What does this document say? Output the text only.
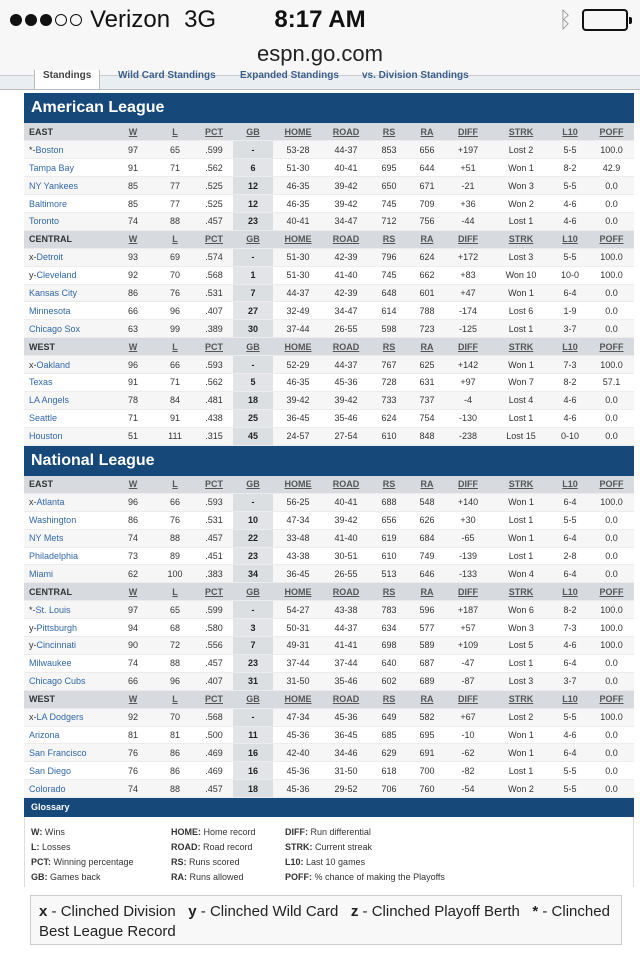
Verizon 3G	8:17 AM	ᛒ
espn.go.com
Standings	Wild Card Standings Expanded Standings vs. Division Standings
American League
EAST	W	L	PCT	GB	HOME	ROAD	RS	RA	DIFF	STRK	L10	POFF
*-Boston	97	65	.599	-	53-28	44-37	853	656	+197	Lost 2	5-5	100.0
Tampa Bay	91	71	.562	6	51-30	40-41	695	644	+51	Won 1	8-2	42.9
NY Yankees	85	77	.525	12	46-35	39-42	650	671	-21	Won 3	5-5	0.0
Baltimore	85	77	.525	12	46-35	39-42	745	709	+36	Won 2	4-6	0.0
Toronto	74	88	.457	23	40-41	34-47	712	756	-44	Lost 1	4-6	0.0
CENTRAL	W	L	PCT	GB	HOME	ROAD	RS	RA	DIFF	STRK	L10	POFF
x-Detroit	93	69	.574	-	51-30	42-39	796	624	+172	Lost 3	5-5	100.0
y-Cleveland	92	70	.568	1	51-30	41-40	745	662	+83	Won 10	10-0	100.0
Kansas City	86	76	.531	7	44-37	42-39	648	601	+47	Won 1	6-4	0.0
Minnesota	66	96	.407	27	32-49	34-47	614	788	-174	Lost 6	1-9	0.0
Chicago Sox	63	99	.389	30	37-44	26-55	598	723	-125	Lost 1	3-7	0.0
WEST	W	L	PCT	GB	HOME	ROAD	RS	RA	DIFF	STRK	L10	POFF
x-Oakland	96	66	.593	-	52-29	44-37	767	625	+142	Won 1	7-3	100.0
Texas	91	71	.562	5	46-35	45-36	728	631	+97	Won 7	8-2	57.1
LA Angels	78	84	.481	18	39-42	39-42	733	737	-4	Lost 4	4-6	0.0
Seattle	71	91	.438	25	36-45	35-46	624	754	-130	Lost 1	4-6	0.0
Houston	51	111	.315	45	24-57	27-54	610	848	-238	Lost 15	0-10	0.0
National League
EAST	W	L	PCT	GB	HOME	ROAD	RS	RA	DIFF	STRK	L10	POFF
x-Atlanta	96	66	.593	-	56-25	40-41	688	548	+140	Won 1	6-4	100.0
Washington	86	76	.531	10	47-34	39-42	656	626	+30	Lost 1	5-5	0.0
NY Mets	74	88	.457	22	33-48	41-40	619	684	-65	Won 1	6-4	0.0
Philadelphia	73	89	.451	23	43-38	30-51	610	749	-139	Lost 1	2-8	0.0
Miami	62	100	.383	34	36-45	26-55	513	646	-133	Won 4	6-4	0.0
CENTRAL	W	L	PCT	GB	HOME	ROAD	RS	RA	DIFF	STRK	L10	POFF
*-St. Louis	97	65	.599	-	54-27	43-38	783	596	+187	Won 6	8-2	100.0
y-Pittsburgh	94	68	.580	3	50-31	44-37	634	577	+57	Won 3	7-3	100.0
y-Cincinnati	90	72	.556	7	49-31	41-41	698	589	+109	Lost 5	4-6	100.0
Milwaukee	74	88	.457	23	37-44	37-44	640	687	-47	Lost 1	6-4	0.0
Chicago Cubs	66	96	.407	31	31-50	35-46	602	689	-87	Lost 3	3-7	0.0
WEST	W	L	PCT	GB	HOME	ROAD	RS	RA	DIFF	STRK	L10	POFF
x-LA Dodgers	92	70	.568	-	47-34	45-36	649	582	+67	Lost 2	5-5	100.0
Arizona	81	81	.500	11	45-36	36-45	685	695	-10	Won 1	4-6	0.0
San Francisco	76	86	.469	16	42-40	34-46	629	691	-62	Won 1	6-4	0.0
San Diego	76	86	.469	16	45-36	31-50	618	700	-82	Lost 1	5-5	0.0
Colorado	74	88	.457	18	45-36	29-52	706	760	-54	Won 2	5-5	0.0
Glossary
W: Wins
L: Losses
PCT: Winning percentage
GB: Games back
HOME: Home record
ROAD: Road record
RS: Runs scored
RA: Runs allowed
DIFF: Run differential
STRK: Current streak
L10: Last 10 games
POFF: % chance of making the Playoffs
x - Clinched Division y - Clinched Wild Card z - Clinched Playoff Berth * - Clinched Best League Record
